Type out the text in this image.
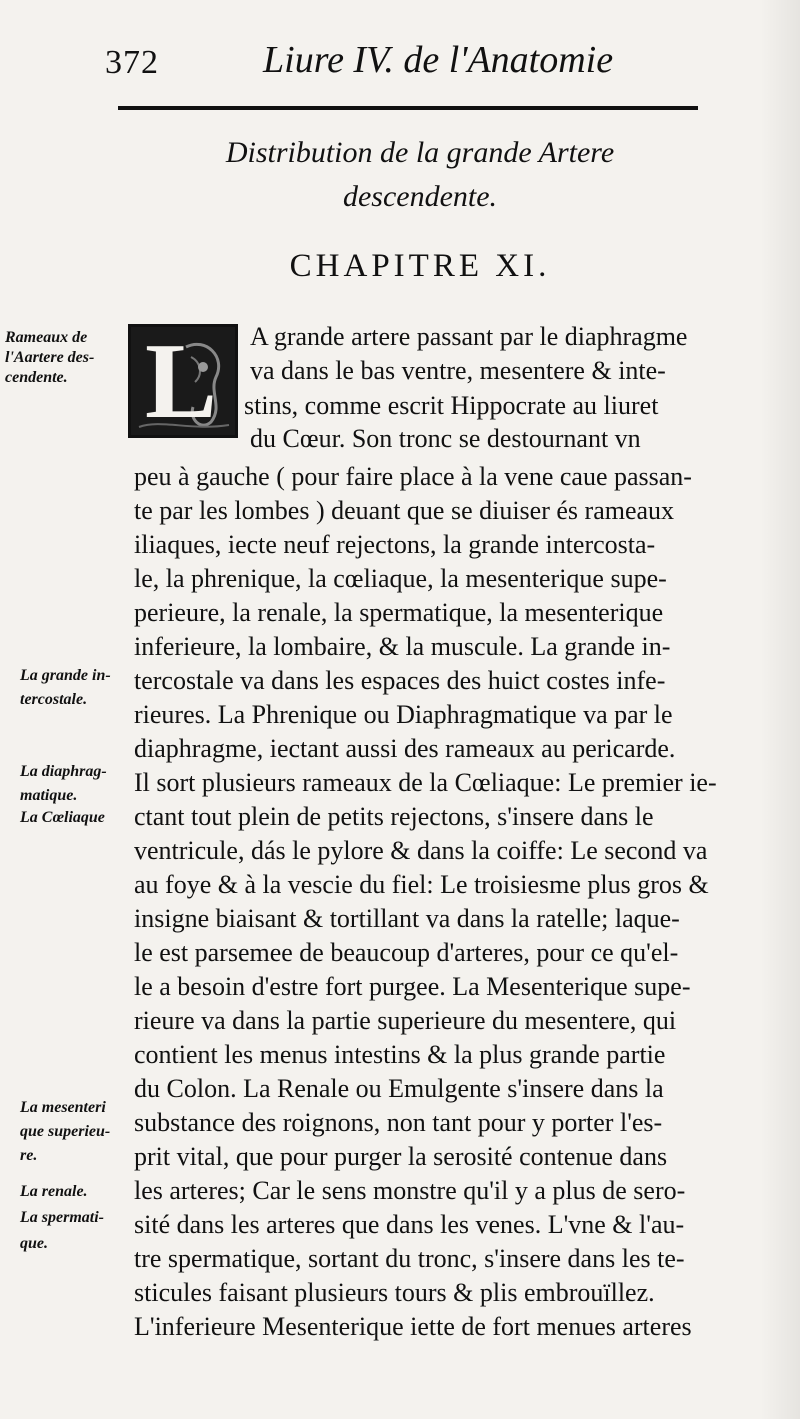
372	Liure IV. de l'Anatomie
Distribution de la grande Artere
descendente.
CHAPITRE XI.
L A grande artere passant par le diaphragme
va dans le bas ventre, mesentere & inte-
stins, comme escrit Hippocrate au liuret
du Cœur. Son tronc se destournant vn
peu à gauche ( pour faire place à la vene caue passan-
te par les lombes ) deuant que se diuiser és rameaux
iliaques, iecte neuf rejectons, la grande intercosta-
le, la phrenique, la cœliaque, la mesenterique supe-
perieure, la renale, la spermatique, la mesenterique
inferieure, la lombaire, & la muscule. La grande in-
tercostale va dans les espaces des huict costes infe-
rieures. La Phrenique ou Diaphragmatique va par le
diaphragme, iectant aussi des rameaux au pericarde.
Il sort plusieurs rameaux de la Cœliaque: Le premier ie-
ctant tout plein de petits rejectons, s'insere dans le
ventricule, dás le pylore & dans la coiffe: Le second va
au foye & à la vescie du fiel: Le troisiesme plus gros &
insigne biaisant & tortillant va dans la ratelle; laque-
le est parsemee de beaucoup d'arteres, pour ce qu'el-
le a besoin d'estre fort purgee. La Mesenterique supe-
rieure va dans la partie superieure du mesentere, qui
contient les menus intestins & la plus grande partie
du Colon. La Renale ou Emulgente s'insere dans la
substance des roignons, non tant pour y porter l'es-
prit vital, que pour purger la serosité contenue dans
les arteres; Car le sens monstre qu'il y a plus de sero-
sité dans les arteres que dans les venes. L'vne & l'au-
tre spermatique, sortant du tronc, s'insere dans les te-
sticules faisant plusieurs tours & plis embrouïllez.
L'inferieure Mesenterique iette de fort menues arteres
Rameaux de
l'Aartere des-
cendente.
La grande in-
tercostale.
La diaphrag-
matique.
La Cœliaque
La mesenteri
que superieu-
re.
La renale.
La spermati-
que.
